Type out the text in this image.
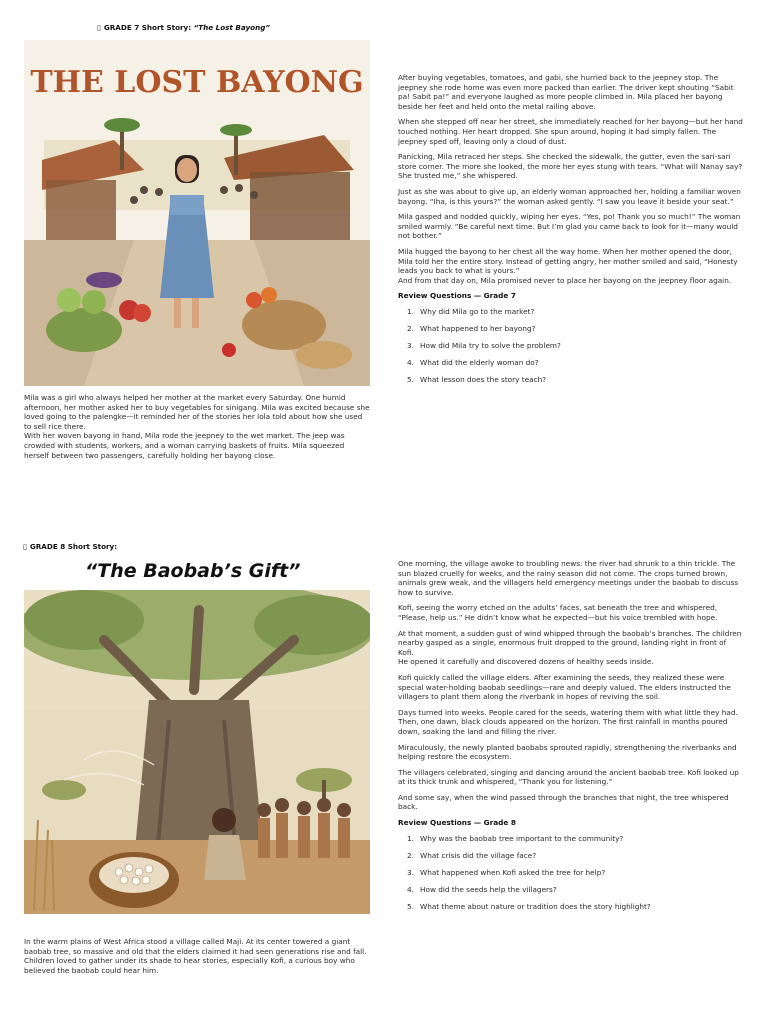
▯ GRADE 7 Short Story: “The Lost Bayong”
THE LOST BAYONG

Mila was a girl who always helped her mother at the market every Saturday. One humid afternoon, her mother asked her to buy vegetables for sinigang. Mila was excited because she loved going to the palengke—it reminded her of the stories her lola told about how she used to sell rice there.

With her woven bayong in hand, Mila rode the jeepney to the wet market. The jeep was crowded with students, workers, and a woman carrying baskets of fruits. Mila squeezed herself between two passengers, carefully holding her bayong close.

After buying vegetables, tomatoes, and gabi, she hurried back to the jeepney stop. The jeepney she rode home was even more packed than earlier. The driver kept shouting “Sabit pa! Sabit pa!” and everyone laughed as more people climbed in. Mila placed her bayong beside her feet and held onto the metal railing above.

When she stepped off near her street, she immediately reached for her bayong—but her hand touched nothing. Her heart dropped. She spun around, hoping it had simply fallen. The jeepney sped off, leaving only a cloud of dust.

Panicking, Mila retraced her steps. She checked the sidewalk, the gutter, even the sari-sari store corner. The more she looked, the more her eyes stung with tears. “What will Nanay say? She trusted me,” she whispered.

Just as she was about to give up, an elderly woman approached her, holding a familiar woven bayong. “Iha, is this yours?” the woman asked gently. “I saw you leave it beside your seat.”

Mila gasped and nodded quickly, wiping her eyes. “Yes, po! Thank you so much!” The woman smiled warmly. “Be careful next time. But I’m glad you came back to look for it—many would not bother.”

Mila hugged the bayong to her chest all the way home. When her mother opened the door, Mila told her the entire story. Instead of getting angry, her mother smiled and said, “Honesty leads you back to what is yours.”
And from that day on, Mila promised never to place her bayong on the jeepney floor again.

Review Questions — Grade 7
1. Why did Mila go to the market?
2. What happened to her bayong?
3. How did Mila try to solve the problem?
4. What did the elderly woman do?
5. What lesson does the story teach?
▯ GRADE 8 Short Story:
“The Baobab’s Gift”

In the warm plains of West Africa stood a village called Maji. At its center towered a giant baobab tree, so massive and old that the elders claimed it had seen generations rise and fall. Children loved to gather under its shade to hear stories, especially Kofi, a curious boy who believed the baobab could hear him.

One morning, the village awoke to troubling news: the river had shrunk to a thin trickle. The sun blazed cruelly for weeks, and the rainy season did not come. The crops turned brown, animals grew weak, and the villagers held emergency meetings under the baobab to discuss how to survive.

Kofi, seeing the worry etched on the adults’ faces, sat beneath the tree and whispered, “Please, help us.” He didn’t know what he expected—but his voice trembled with hope.

At that moment, a sudden gust of wind whipped through the baobab’s branches. The children nearby gasped as a single, enormous fruit dropped to the ground, landing right in front of Kofi.
He opened it carefully and discovered dozens of healthy seeds inside.

Kofi quickly called the village elders. After examining the seeds, they realized these were special water-holding baobab seedlings—rare and deeply valued. The elders instructed the villagers to plant them along the riverbank in hopes of reviving the soil.

Days turned into weeks. People cared for the seeds, watering them with what little they had. Then, one dawn, black clouds appeared on the horizon. The first rainfall in months poured down, soaking the land and filling the river.

Miraculously, the newly planted baobabs sprouted rapidly, strengthening the riverbanks and helping restore the ecosystem.

The villagers celebrated, singing and dancing around the ancient baobab tree. Kofi looked up at its thick trunk and whispered, “Thank you for listening.”

And some say, when the wind passed through the branches that night, the tree whispered back.

Review Questions — Grade 8
1. Why was the baobab tree important to the community?
2. What crisis did the village face?
3. What happened when Kofi asked the tree for help?
4. How did the seeds help the villagers?
5. What theme about nature or tradition does the story highlight?
